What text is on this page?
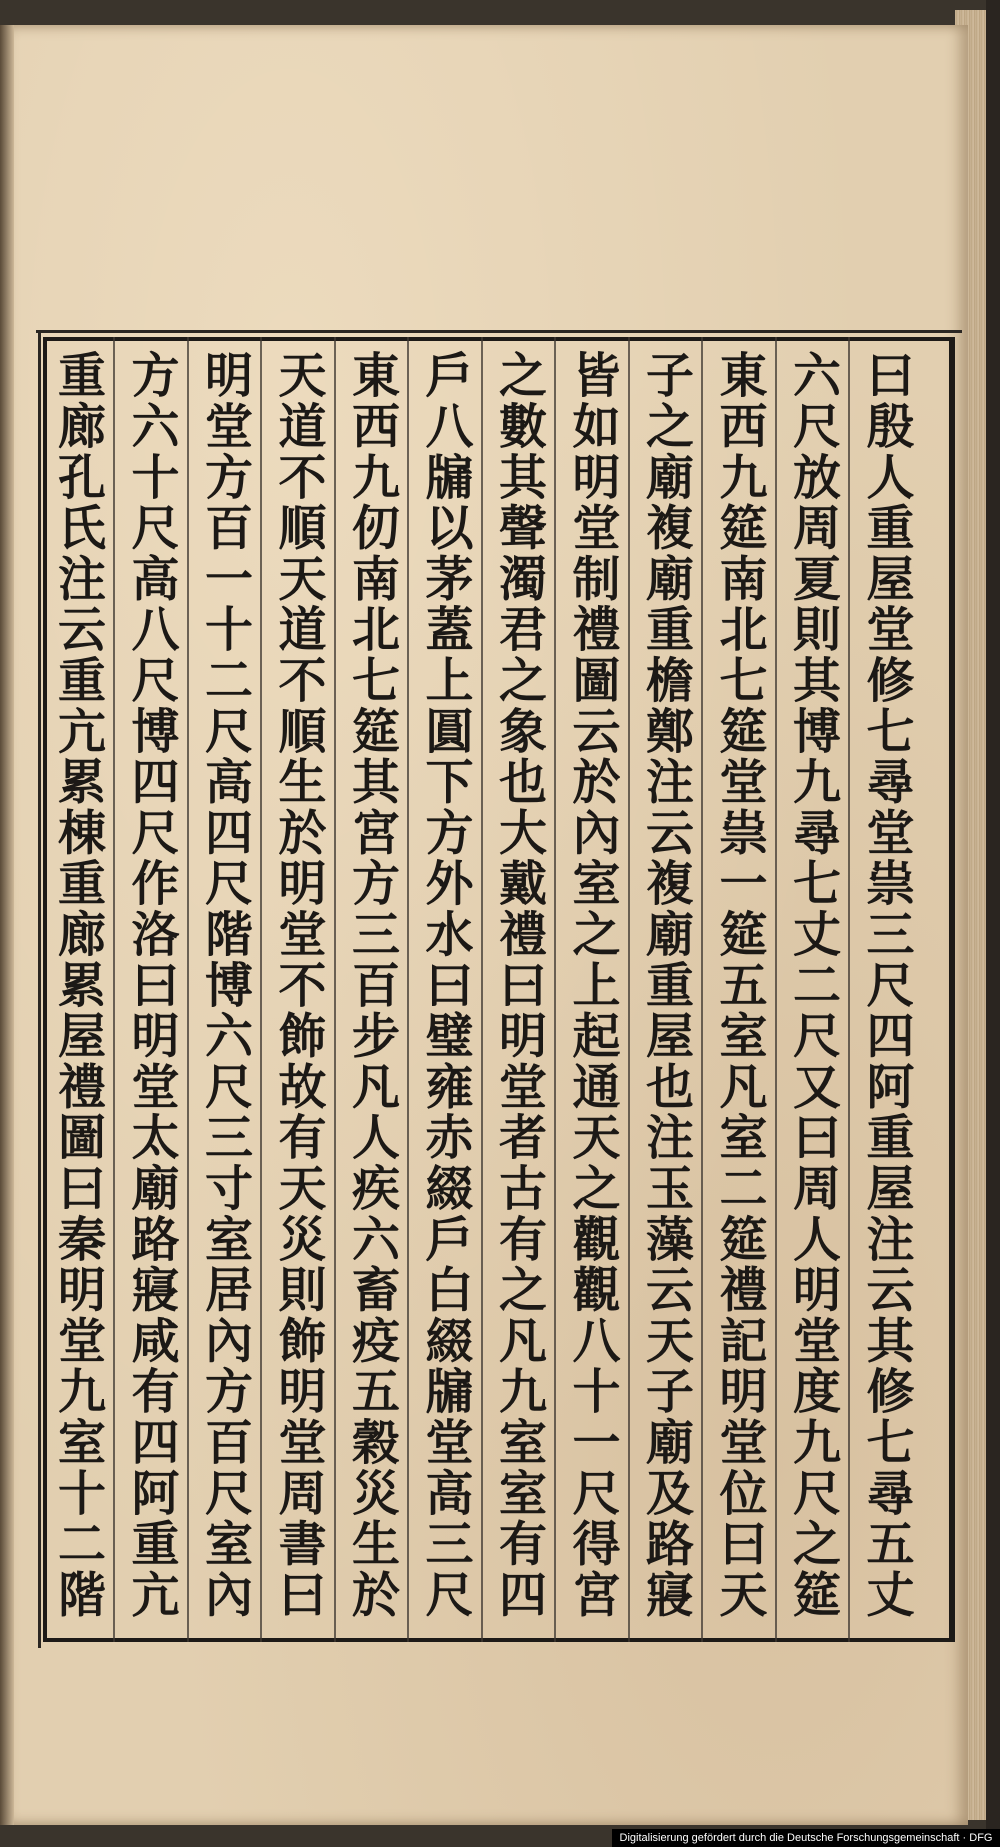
曰殷人重屋堂修七尋堂祟三尺四阿重屋注云其修七尋五丈
六尺放周夏則其博九尋七丈二尺又曰周人明堂度九尺之筵
東西九筵南北七筵堂祟一筵五室凡室二筵禮記明堂位曰天
子之廟複廟重檐鄭注云複廟重屋也注玉藻云天子廟及路寢
皆如明堂制禮圖云於內室之上起通天之觀觀八十一尺得宮
之數其聲濁君之象也大戴禮曰明堂者古有之凡九室室有四
戶八牖以茅蓋上圓下方外水曰璧雍赤綴戶白綴牖堂高三尺
東西九仞南北七筵其宮方三百步凡人疾六畜疫五穀災生於
天道不順天道不順生於明堂不飾故有天災則飾明堂周書曰
明堂方百一十二尺高四尺階博六尺三寸室居內方百尺室內
方六十尺高八尺博四尺作洛曰明堂太廟路寢咸有四阿重亢
重廊孔氏注云重亢累棟重廊累屋禮圖曰秦明堂九室十二階
Digitalisierung gefördert durch die Deutsche Forschungsgemeinschaft · DFG
